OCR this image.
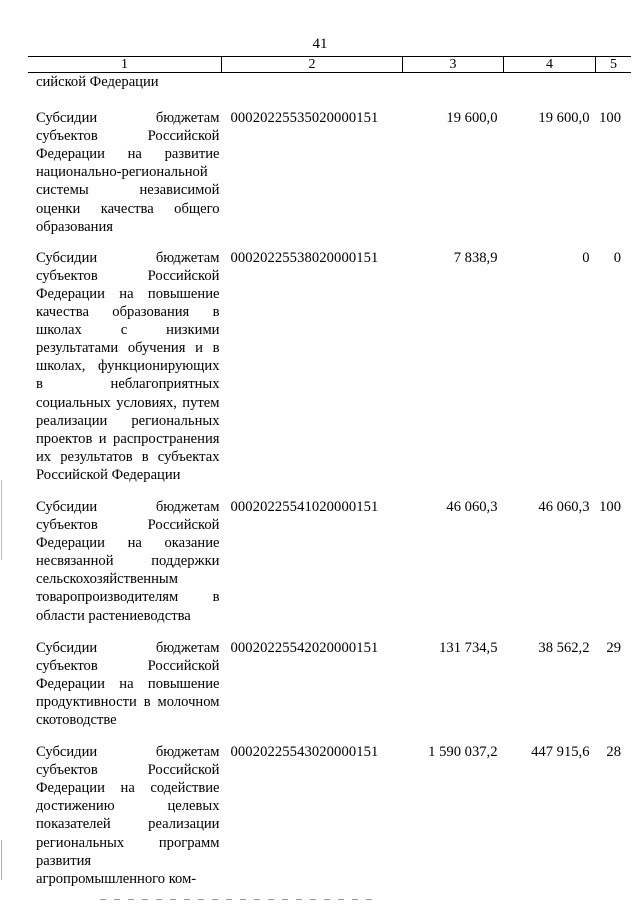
41
1	2	3	4	5
сийской Федерации				
Субсидии бюджетам субъектов Российской Федерации на развитие национально-региональной системы независимой оценки качества общего образования	00020225535020000151	19 600,0	19 600,0	100
Субсидии бюджетам субъектов Российской Федерации на повышение качества образования в школах с низкими результатами обучения и в школах, функционирующих в неблагоприятных социальных условиях, путем реализации региональных проектов и распространения их результатов в субъектах Российской Федерации	00020225538020000151	7 838,9	0	0
Субсидии бюджетам субъектов Российской Федерации на оказание несвязанной поддержки сельскохозяйственным товаропроизводителям в области растениеводства	00020225541020000151	46 060,3	46 060,3	100
Субсидии бюджетам субъектов Российской Федерации на повышение продуктивности в молочном скотоводстве	00020225542020000151	131 734,5	38 562,2	29
Субсидии бюджетам субъектов Российской Федерации на содействие достижению целевых показателей реализации региональных программ развития агропромышленного ком-	00020225543020000151	1 590 037,2	447 915,6	28
